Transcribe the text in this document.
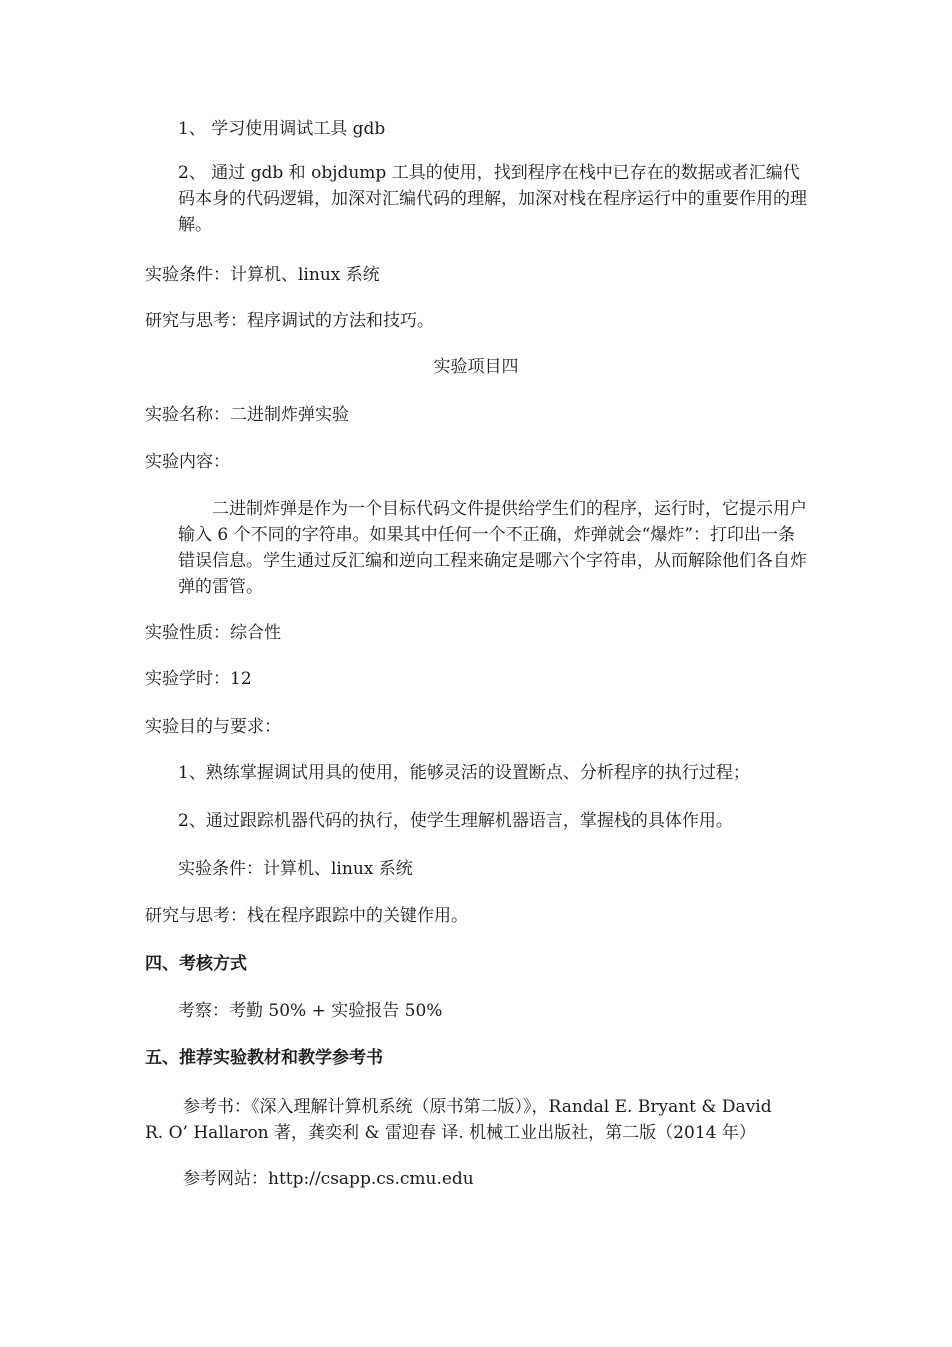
1、 学习使用调试工具 gdb
2、 通过 gdb 和 objdump 工具的使用，找到程序在栈中已存在的数据或者汇编代码本身的代码逻辑，加深对汇编代码的理解，加深对栈在程序运行中的重要作用的理解。
实验条件：计算机、linux 系统
研究与思考：程序调试的方法和技巧。
实验项目四
实验名称：二进制炸弹实验
实验内容：
二进制炸弹是作为一个目标代码文件提供给学生们的程序，运行时，它提示用户输入 6 个不同的字符串。如果其中任何一个不正确，炸弹就会“爆炸”：打印出一条错误信息。学生通过反汇编和逆向工程来确定是哪六个字符串，从而解除他们各自炸弹的雷管。
实验性质：综合性
实验学时：12
实验目的与要求：
1、熟练掌握调试用具的使用，能够灵活的设置断点、分析程序的执行过程；
2、通过跟踪机器代码的执行，使学生理解机器语言，掌握栈的具体作用。
实验条件：计算机、linux 系统
研究与思考：栈在程序跟踪中的关键作用。
四、考核方式
考察：考勤 50% + 实验报告 50%
五、推荐实验教材和教学参考书
参考书：《深入理解计算机系统（原书第二版）》，Randal E. Bryant & David
R. O’ Hallaron 著，龚奕利 & 雷迎春 译. 机械工业出版社，第二版（2014 年）
参考网站：http://csapp.cs.cmu.edu
